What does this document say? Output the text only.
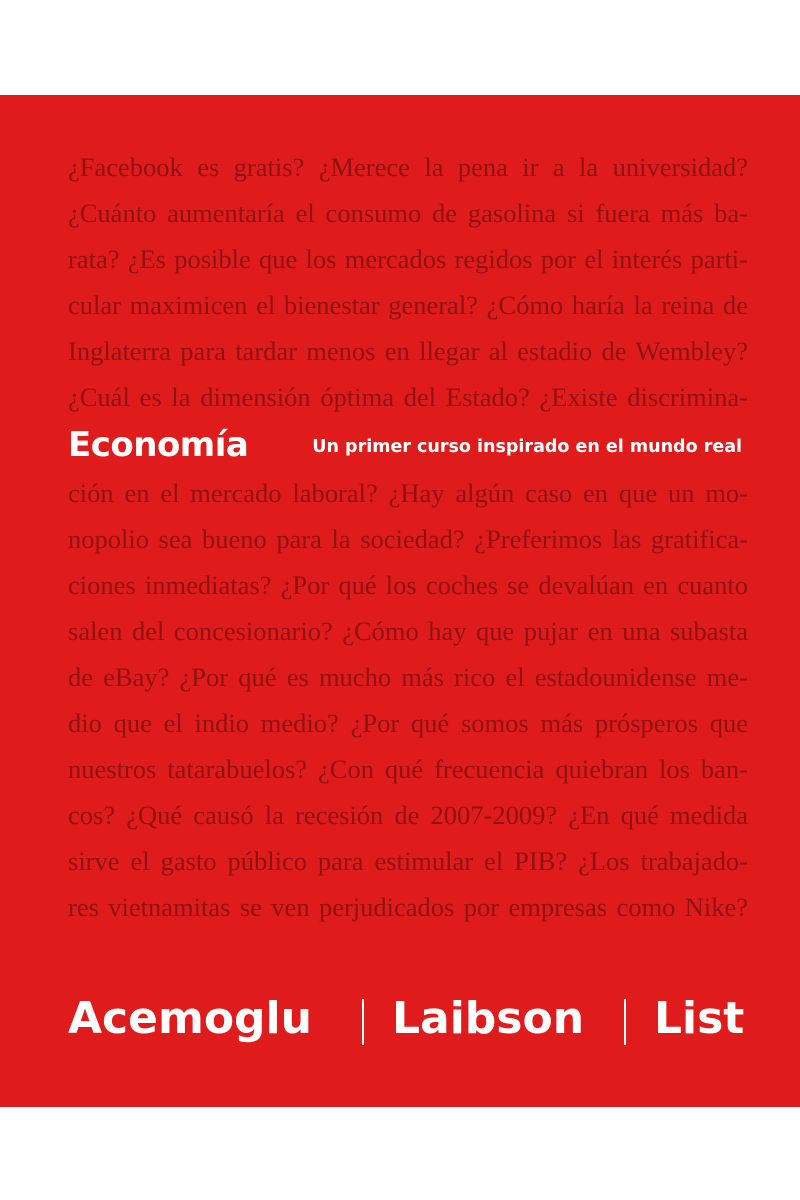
¿Facebook es gratis? ¿Merece la pena ir a la universidad?
¿Cuánto aumentaría el consumo de gasolina si fuera más ba-
rata? ¿Es posible que los mercados regidos por el interés parti-
cular maximicen el bienestar general? ¿Cómo haría la reina de
Inglaterra para tardar menos en llegar al estadio de Wembley?
¿Cuál es la dimensión óptima del Estado? ¿Existe discrimina-
ción en el mercado laboral? ¿Hay algún caso en que un mo-
nopolio sea bueno para la sociedad? ¿Preferimos las gratifica-
ciones inmediatas? ¿Por qué los coches se devalúan en cuanto
salen del concesionario? ¿Cómo hay que pujar en una subasta
de eBay? ¿Por qué es mucho más rico el estadounidense me-
dio que el indio medio? ¿Por qué somos más prósperos que
nuestros tatarabuelos? ¿Con qué frecuencia quiebran los ban-
cos? ¿Qué causó la recesión de 2007-2009? ¿En qué medida
sirve el gasto público para estimular el PIB? ¿Los trabajado-
res vietnamitas se ven perjudicados por empresas como Nike?
Economía	Un primer curso inspirado en el mundo real
Acemoglu Laibson List
